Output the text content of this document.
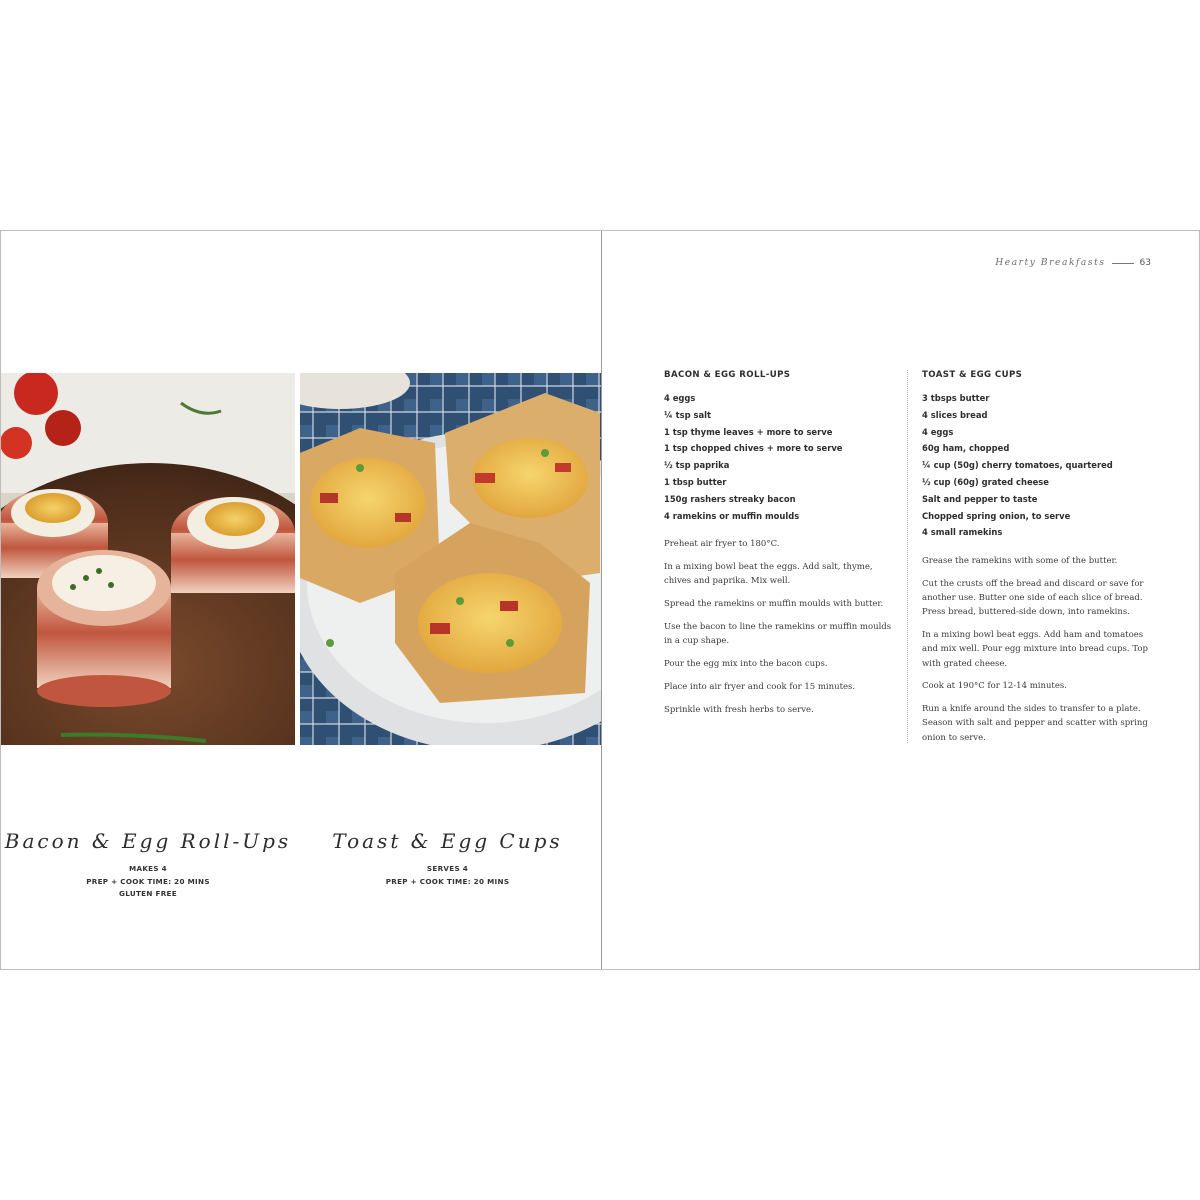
Bacon & Egg Roll-Ups
MAKES 4
PREP + COOK TIME: 20 MINS
GLUTEN FREE
Toast & Egg Cups
SERVES 4
PREP + COOK TIME: 20 MINS
Hearty Breakfasts	63
BACON & EGG ROLL-UPS
4 eggs
¼ tsp salt
1 tsp thyme leaves + more to serve
1 tsp chopped chives + more to serve
½ tsp paprika
1 tbsp butter
150g rashers streaky bacon
4 ramekins or muffin moulds

Preheat air fryer to 180°C.

In a mixing bowl beat the eggs. Add salt, thyme, chives and paprika. Mix well.

Spread the ramekins or muffin moulds with butter.

Use the bacon to line the ramekins or muffin moulds in a cup shape.

Pour the egg mix into the bacon cups.

Place into air fryer and cook for 15 minutes.

Sprinkle with fresh herbs to serve.

TOAST & EGG CUPS
3 tbsps butter
4 slices bread
4 eggs
60g ham, chopped
¼ cup (50g) cherry tomatoes, quartered
½ cup (60g) grated cheese
Salt and pepper to taste
Chopped spring onion, to serve
4 small ramekins

Grease the ramekins with some of the butter.

Cut the crusts off the bread and discard or save for another use. Butter one side of each slice of bread. Press bread, buttered-side down, into ramekins.

In a mixing bowl beat eggs. Add ham and tomatoes and mix well. Pour egg mixture into bread cups. Top with grated cheese.

Cook at 190°C for 12-14 minutes.

Run a knife around the sides to transfer to a plate. Season with salt and pepper and scatter with spring onion to serve.
